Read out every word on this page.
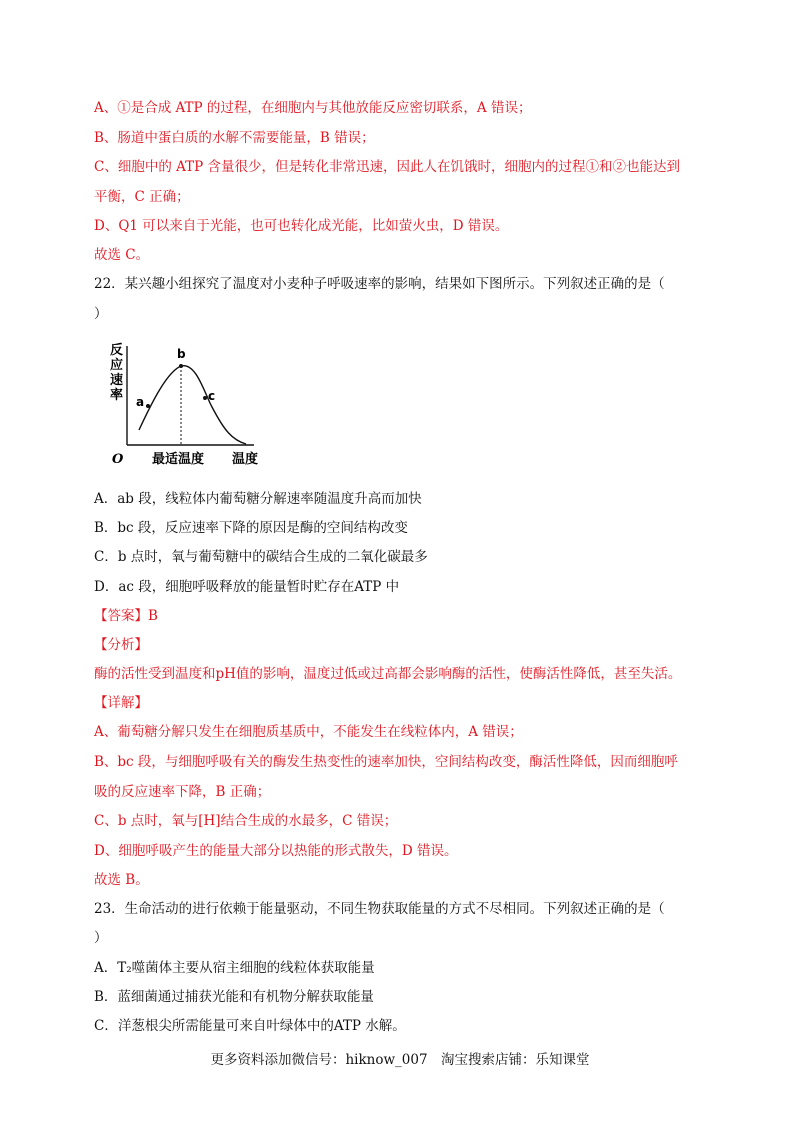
A、①是合成 ATP 的过程，在细胞内与其他放能反应密切联系，A 错误；
B、肠道中蛋白质的水解不需要能量，B 错误；
C、细胞中的 ATP 含量很少，但是转化非常迅速，因此人在饥饿时，细胞内的过程①和②也能达到
平衡，C 正确；
D、Q1 可以来自于光能，也可也转化成光能，比如萤火虫，D 错误。
故选 C。
22．某兴趣小组探究了温度对小麦种子呼吸速率的影响，结果如下图所示。下列叙述正确的是（
）
反
应
速
率 a
b
c
O 最适温度 温度
A．ab 段，线粒体内葡萄糖分解速率随温度升高而加快
B．bc 段，反应速率下降的原因是酶的空间结构改变
C．b 点时，氧与葡萄糖中的碳结合生成的二氧化碳最多
D．ac 段，细胞呼吸释放的能量暂时贮存在ATP 中
【答案】B
【分析】
酶的活性受到温度和pH值的影响，温度过低或过高都会影响酶的活性，使酶活性降低，甚至失活。
【详解】
A、葡萄糖分解只发生在细胞质基质中，不能发生在线粒体内，A 错误；
B、bc 段，与细胞呼吸有关的酶发生热变性的速率加快，空间结构改变，酶活性降低，因而细胞呼
吸的反应速率下降，B 正确；
C、b 点时，氧与[H]结合生成的水最多，C 错误；
D、细胞呼吸产生的能量大部分以热能的形式散失，D 错误。
故选 B。
23．生命活动的进行依赖于能量驱动，不同生物获取能量的方式不尽相同。下列叙述正确的是（
）
A．T₂噬菌体主要从宿主细胞的线粒体获取能量
B．蓝细菌通过捕获光能和有机物分解获取能量
C．洋葱根尖所需能量可来自叶绿体中的ATP 水解。
更多资料添加微信号：hiknow_007　淘宝搜索店铺：乐知课堂
